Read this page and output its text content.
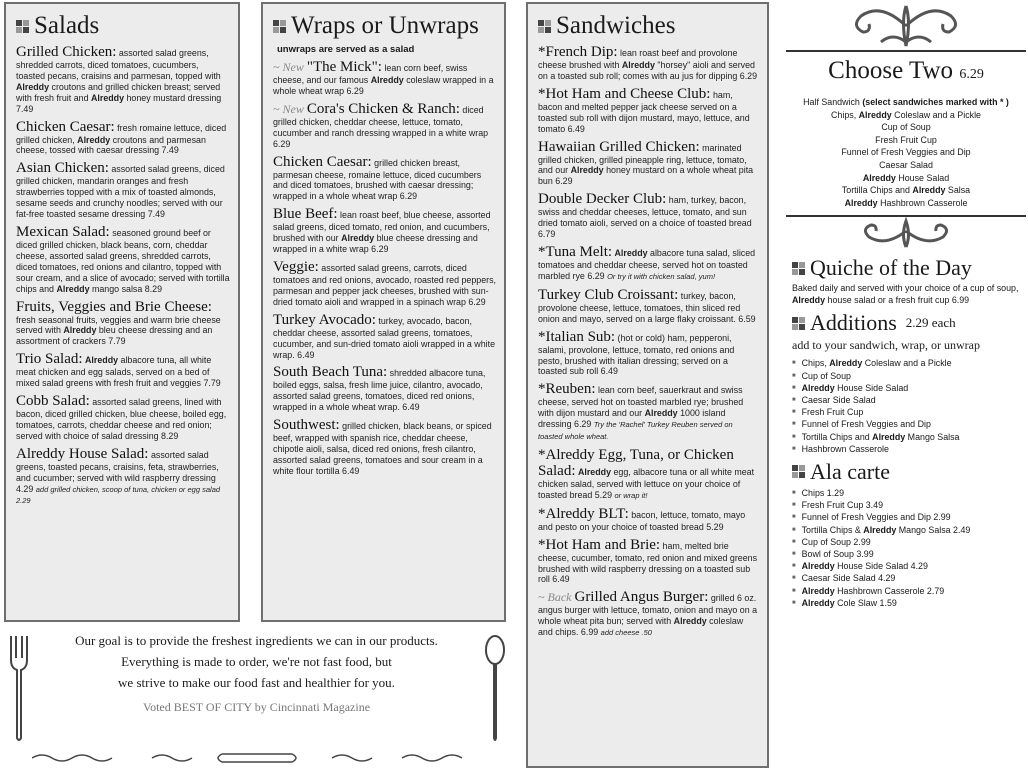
Salads
Grilled Chicken: assorted salad greens, shredded carrots, diced tomatoes, cucumbers, toasted pecans, craisins and parmesan, topped with Alreddy croutons and grilled chicken breast; served with fresh fruit and Alreddy honey mustard dressing 7.49
Chicken Caesar: fresh romaine lettuce, diced grilled chicken, Alreddy croutons and parmesan cheese, tossed with caesar dressing 7.49
Asian Chicken: assorted salad greens, diced grilled chicken, mandarin oranges and fresh strawberries topped with a mix of toasted almonds, sesame seeds and crunchy noodles; served with our fat-free toasted sesame dressing 7.49
Mexican Salad: seasoned ground beef or diced grilled chicken, black beans, corn, cheddar cheese, assorted salad greens, shredded carrots, diced tomatoes, red onions and cilantro, topped with sour cream, and a slice of avocado; served with tortilla chips and Alreddy mango salsa 8.29
Fruits, Veggies and Brie Cheese: fresh seasonal fruits, veggies and warm brie cheese served with Alreddy bleu cheese dressing and an assortment of crackers 7.79
Trio Salad: Alreddy albacore tuna, all white meat chicken and egg salads, served on a bed of mixed salad greens with fresh fruit and veggies 7.79
Cobb Salad: assorted salad greens, lined with bacon, diced grilled chicken, blue cheese, boiled egg, tomatoes, carrots, cheddar cheese and red onion; served with choice of salad dressing 8.29
Alreddy House Salad: assorted salad greens, toasted pecans, craisins, feta, strawberries, and cucumber; served with wild raspberry dressing 4.29 add grilled chicken, scoop of tuna, chicken or egg salad 2.29
Wraps or Unwraps
unwraps are served as a salad
~ New "The Mick": lean corn beef, swiss cheese, and our famous Alreddy coleslaw wrapped in a whole wheat wrap 6.29
~ New Cora's Chicken & Ranch: diced grilled chicken, cheddar cheese, lettuce, tomato, cucumber and ranch dressing wrapped in a white wrap 6.29
Chicken Caesar: grilled chicken breast, parmesan cheese, romaine lettuce, diced cucumbers and diced tomatoes, brushed with caesar dressing; wrapped in a whole wheat wrap 6.29
Blue Beef: lean roast beef, blue cheese, assorted salad greens, diced tomato, red onion, and cucumbers, brushed with our Alreddy blue cheese dressing and wrapped in a white wrap 6.29
Veggie: assorted salad greens, carrots, diced tomatoes and red onions, avocado, roasted red peppers, parmesan and pepper jack cheeses, brushed with sun-dried tomato aioli and wrapped in a spinach wrap 6.29
Turkey Avocado: turkey, avocado, bacon, cheddar cheese, assorted salad greens, tomatoes, cucumber, and sun-dried tomato aioli wrapped in a white wrap. 6.49
South Beach Tuna: shredded albacore tuna, boiled eggs, salsa, fresh lime juice, cilantro, avocado, assorted salad greens, tomatoes, diced red onions, wrapped in a whole wheat wrap. 6.49
Southwest: grilled chicken, black beans, or spiced beef, wrapped with spanish rice, cheddar cheese, chipotle aioli, salsa, diced red onions, fresh cilantro, assorted salad greens, tomatoes and sour cream in a white flour tortilla 6.49
Sandwiches
*French Dip: lean roast beef and provolone cheese brushed with Alreddy "horsey" aioli and served on a toasted sub roll; comes with au jus for dipping 6.29
*Hot Ham and Cheese Club: ham, bacon and melted pepper jack cheese served on a toasted sub roll with dijon mustard, mayo, lettuce, and tomato 6.49
Hawaiian Grilled Chicken: marinated grilled chicken, grilled pineapple ring, lettuce, tomato, and our Alreddy honey mustard on a whole wheat pita bun 6.29
Double Decker Club: ham, turkey, bacon, swiss and cheddar cheeses, lettuce, tomato, and sun dried tomato aioli, served on a choice of toasted bread 6.79
*Tuna Melt: Alreddy albacore tuna salad, sliced tomatoes and cheddar cheese, served hot on toasted marbled rye 6.29 Or try it with chicken salad, yum!
Turkey Club Croissant: turkey, bacon, provolone cheese, lettuce, tomatoes, thin sliced red onion and mayo, served on a large flaky croissant. 6.59
*Italian Sub: (hot or cold) ham, pepperoni, salami, provolone, lettuce, tomato, red onions and pesto, brushed with italian dressing; served on a toasted sub roll 6.49
*Reuben: lean corn beef, sauerkraut and swiss cheese, served hot on toasted marbled rye; brushed with dijon mustard and our Alreddy 1000 island dressing 6.29 Try the 'Rachel' Turkey Reuben served on toasted whole wheat.
*Alreddy Egg, Tuna, or Chicken Salad: Alreddy egg, albacore tuna or all white meat chicken salad, served with lettuce on your choice of toasted bread 5.29 or wrap it!
*Alreddy BLT: bacon, lettuce, tomato, mayo and pesto on your choice of toasted bread 5.29
*Hot Ham and Brie: ham, melted brie cheese, cucumber, tomato, red onion and mixed greens brushed with wild raspberry dressing on a toasted sub roll 6.49
~ Back Grilled Angus Burger: grilled 6 oz. angus burger with lettuce, tomato, onion and mayo on a whole wheat pita bun; served with Alreddy coleslaw and chips. 6.99 add cheese .50
Our goal is to provide the freshest ingredients we can in our products.
Everything is made to order, we're not fast food, but
we strive to make our food fast and healthier for you.
Voted BEST OF CITY by Cincinnati Magazine
Choose Two 6.29
Half Sandwich (select sandwiches marked with * )
Chips, Alreddy Coleslaw and a Pickle
Cup of Soup
Fresh Fruit Cup
Funnel of Fresh Veggies and Dip
Caesar Salad
Alreddy House Salad
Tortilla Chips and Alreddy Salsa
Alreddy Hashbrown Casserole
Quiche of the Day
Baked daily and served with your choice of a cup of soup, Alreddy house salad or a fresh fruit cup 6.99
Additions 2.29 each
add to your sandwich, wrap, or unwrap
■ Chips, Alreddy Coleslaw and a Pickle
■ Cup of Soup
■ Alreddy House Side Salad
■ Caesar Side Salad
■ Fresh Fruit Cup
■ Funnel of Fresh Veggies and Dip
■ Tortilla Chips and Alreddy Mango Salsa
■ Hashbrown Casserole
Ala carte
■ Chips 1.29
■ Fresh Fruit Cup 3.49
■ Funnel of Fresh Veggies and Dip 2.99
■ Tortilla Chips & Alreddy Mango Salsa 2.49
■ Cup of Soup 2.99
■ Bowl of Soup 3.99
■ Alreddy House Side Salad 4.29
■ Caesar Side Salad 4.29
■ Alreddy Hashbrown Casserole 2.79
■ Alreddy Cole Slaw 1.59
